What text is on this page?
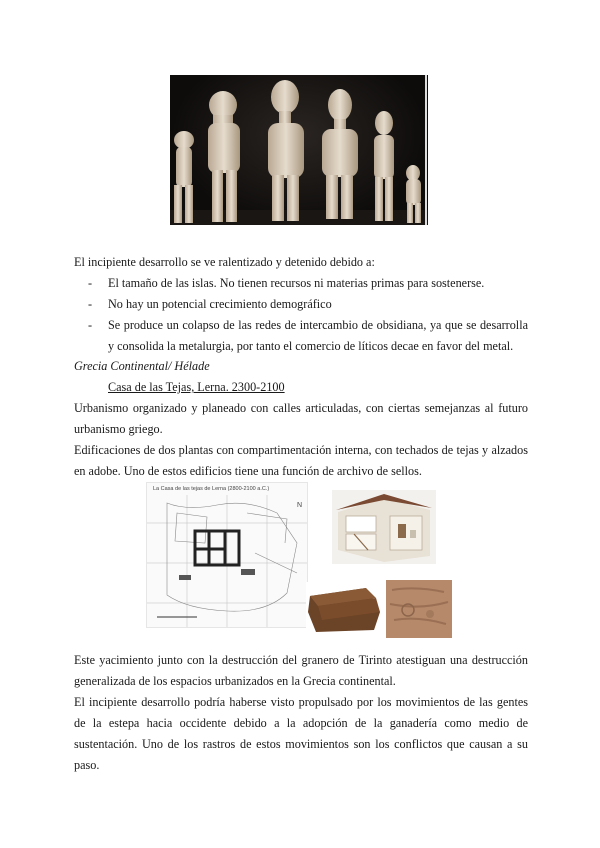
El incipiente desarrollo se ve ralentizado y detenido debido a:
- El tamaño de las islas. No tienen recursos ni materias primas para sostenerse.
- No hay un potencial crecimiento demográfico
- Se produce un colapso de las redes de intercambio de obsidiana, ya que se desarrolla y consolida la metalurgia, por tanto el comercio de líticos decae en favor del metal.
Grecia Continental/ Hélade
Casa de las Tejas, Lerna. 2300-2100
Urbanismo organizado y planeado con calles articuladas, con ciertas semejanzas al futuro urbanismo griego.
Edificaciones de dos plantas con compartimentación interna, con techados de tejas y alzados en adobe. Uno de estos edificios tiene una función de archivo de sellos.
La Casa de las tejas de Lerna (2800-2100 a.C.)
N
Este yacimiento junto con la destrucción del granero de Tirinto atestiguan una destrucción generalizada de los espacios urbanizados en la Grecia continental.
El incipiente desarrollo podría haberse visto propulsado por los movimientos de las gentes de la estepa hacia occidente debido a la adopción de la ganadería como medio de sustentación. Uno de los rastros de estos movimientos son los conflictos que causan a su paso.
